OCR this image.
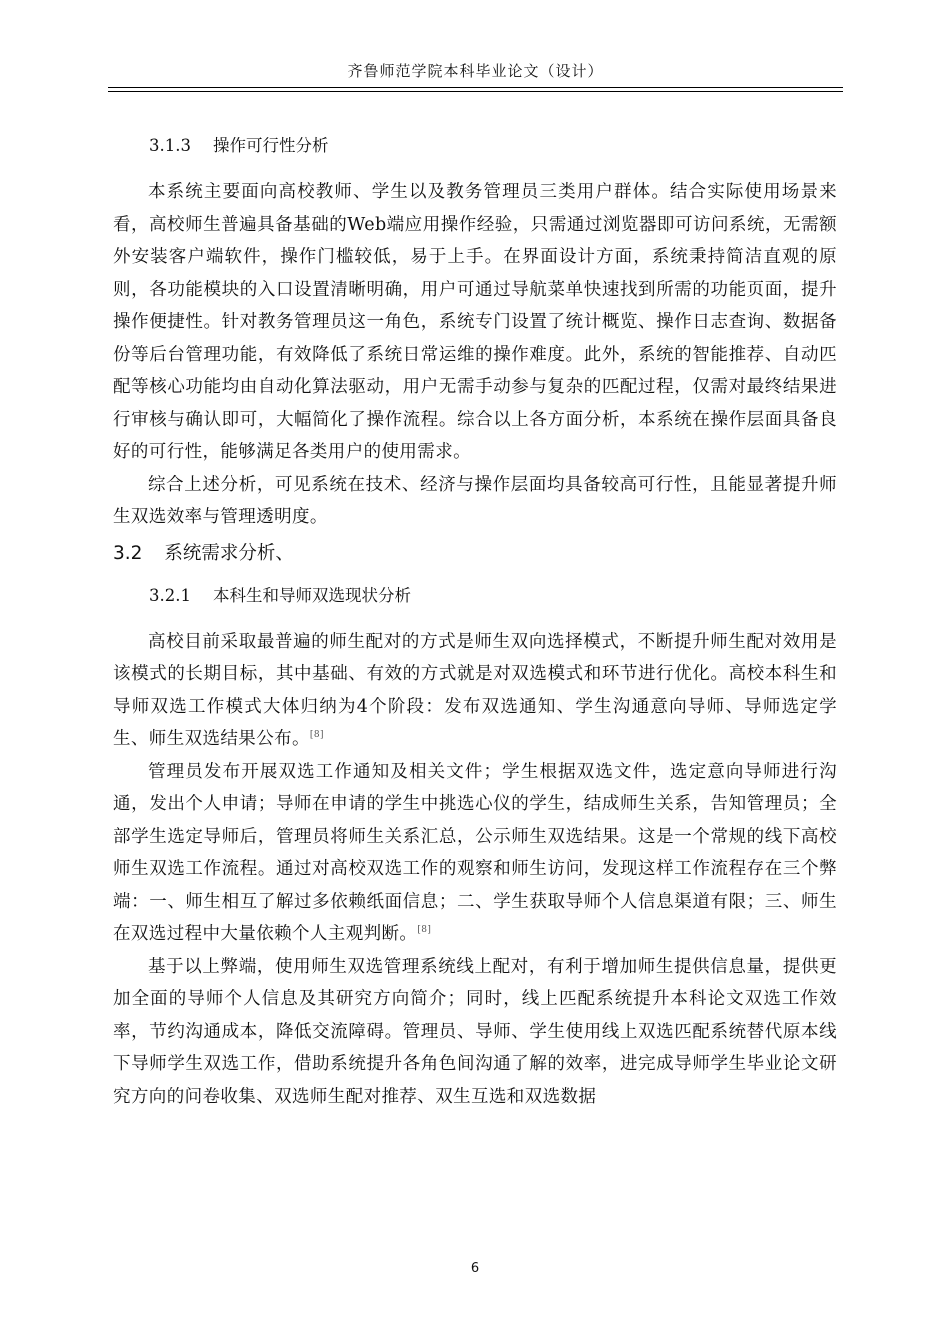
齐鲁师范学院本科毕业论文（设计）
3.1.3 操作可行性分析

本系统主要面向高校教师、学生以及教务管理员三类用户群体。结合实际使用场景来看，高校师生普遍具备基础的Web端应用操作经验，只需通过浏览器即可访问系统，无需额外安装客户端软件，操作门槛较低，易于上手。在界面设计方面，系统秉持简洁直观的原则，各功能模块的入口设置清晰明确，用户可通过导航菜单快速找到所需的功能页面，提升操作便捷性。针对教务管理员这一角色，系统专门设置了统计概览、操作日志查询、数据备份等后台管理功能，有效降低了系统日常运维的操作难度。此外，系统的智能推荐、自动匹配等核心功能均由自动化算法驱动，用户无需手动参与复杂的匹配过程，仅需对最终结果进行审核与确认即可，大幅简化了操作流程。综合以上各方面分析，本系统在操作层面具备良好的可行性，能够满足各类用户的使用需求。

综合上述分析，可见系统在技术、经济与操作层面均具备较高可行性，且能显著提升师生双选效率与管理透明度。

3.2 系统需求分析、
3.2.1 本科生和导师双选现状分析

高校目前采取最普遍的师生配对的方式是师生双向选择模式，不断提升师生配对效用是该模式的长期目标，其中基础、有效的方式就是对双选模式和环节进行优化。高校本科生和导师双选工作模式大体归纳为4个阶段：发布双选通知、学生沟通意向导师、导师选定学生、师生双选结果公布。[8]

管理员发布开展双选工作通知及相关文件；学生根据双选文件，选定意向导师进行沟通，发出个人申请；导师在申请的学生中挑选心仪的学生，结成师生关系，告知管理员；全部学生选定导师后，管理员将师生关系汇总，公示师生双选结果。这是一个常规的线下高校师生双选工作流程。通过对高校双选工作的观察和师生访问，发现这样工作流程存在三个弊端：一、师生相互了解过多依赖纸面信息；二、学生获取导师个人信息渠道有限；三、师生在双选过程中大量依赖个人主观判断。[8]

基于以上弊端，使用师生双选管理系统线上配对，有利于增加师生提供信息量，提供更加全面的导师个人信息及其研究方向简介；同时，线上匹配系统提升本科论文双选工作效率，节约沟通成本，降低交流障碍。管理员、导师、学生使用线上双选匹配系统替代原本线下导师学生双选工作，借助系统提升各角色间沟通了解的效率，进完成导师学生毕业论文研究方向的问卷收集、双选师生配对推荐、双生互选和双选数据

6
